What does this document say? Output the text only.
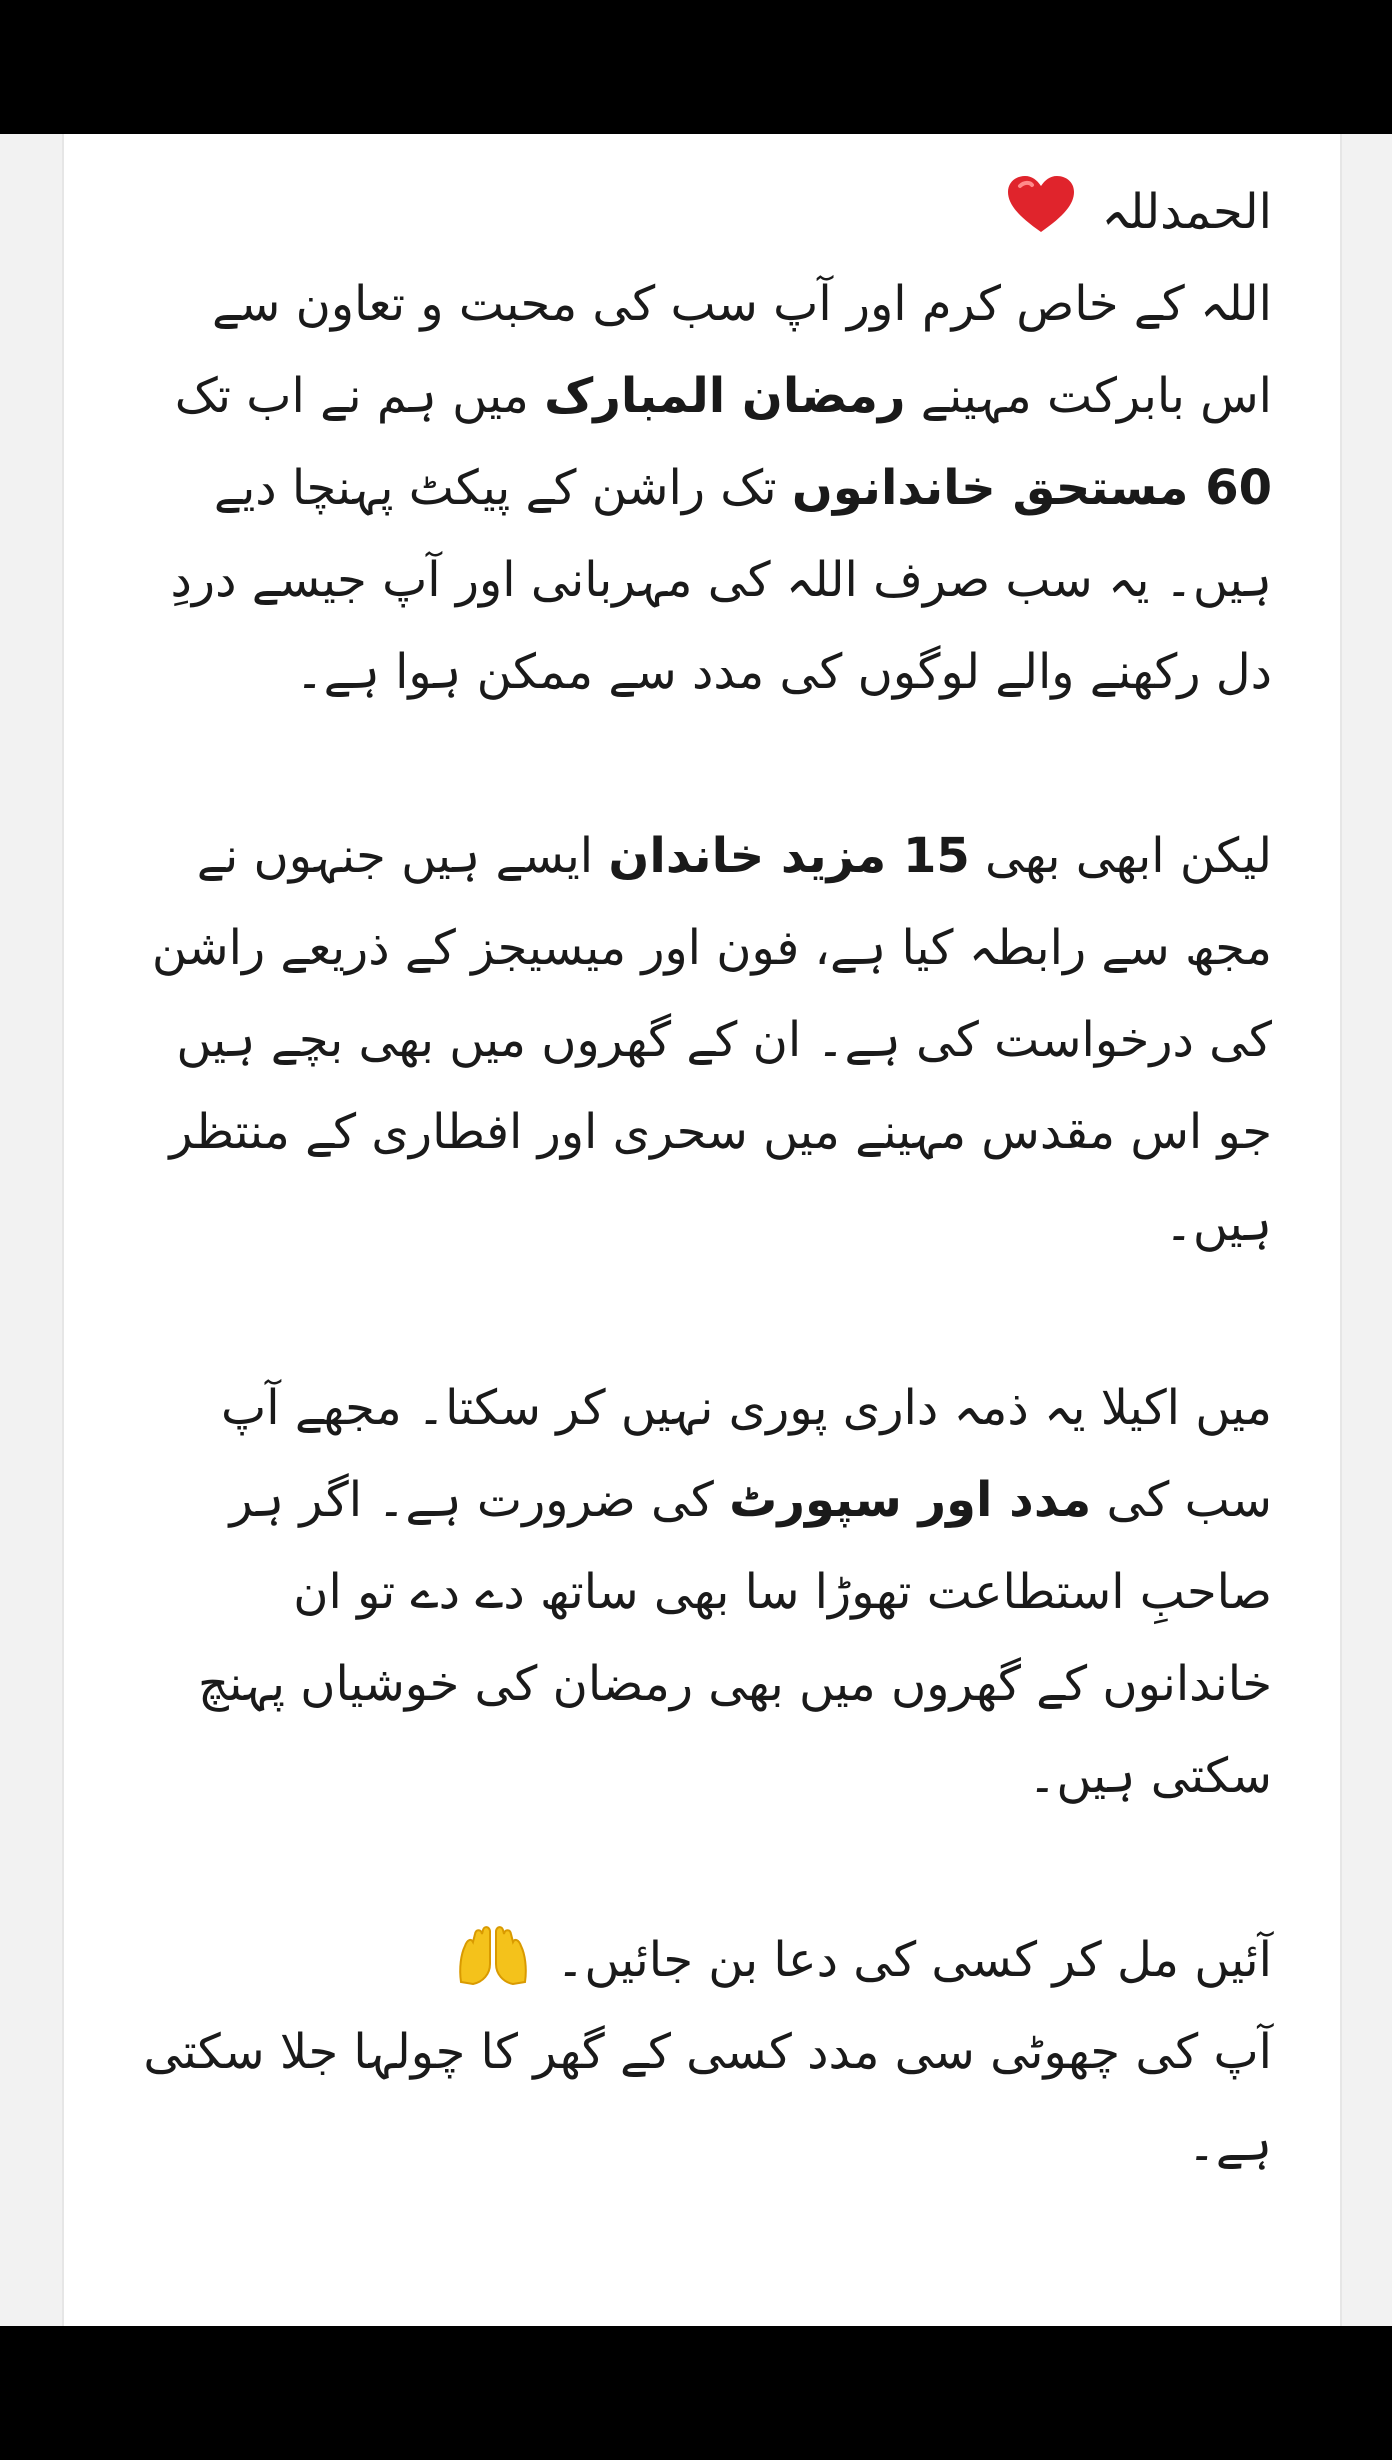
الحمدللہ

اللہ کے خاص کرم اور آپ سب کی محبت و تعاون سے اس بابرکت مہینے رمضان المبارک میں ہم نے اب تک 60 مستحق خاندانوں تک راشن کے پیکٹ پہنچا دیے ہیں۔ یہ سب صرف اللہ کی مہربانی اور آپ جیسے دردِ دل رکھنے والے لوگوں کی مدد سے ممکن ہوا ہے۔

لیکن ابھی بھی 15 مزید خاندان ایسے ہیں جنہوں نے مجھ سے رابطہ کیا ہے، فون اور میسیجز کے ذریعے راشن کی درخواست کی ہے۔ ان کے گھروں میں بھی بچے ہیں جو اس مقدس مہینے میں سحری اور افطاری کے منتظر ہیں۔

میں اکیلا یہ ذمہ داری پوری نہیں کر سکتا۔ مجھے آپ سب کی مدد اور سپورٹ کی ضرورت ہے۔ اگر ہر صاحبِ استطاعت تھوڑا سا بھی ساتھ دے دے تو ان خاندانوں کے گھروں میں بھی رمضان کی خوشیاں پہنچ سکتی ہیں۔

آئیں مل کر کسی کی دعا بن جائیں۔

آپ کی چھوٹی سی مدد کسی کے گھر کا چولہا جلا سکتی ہے۔
